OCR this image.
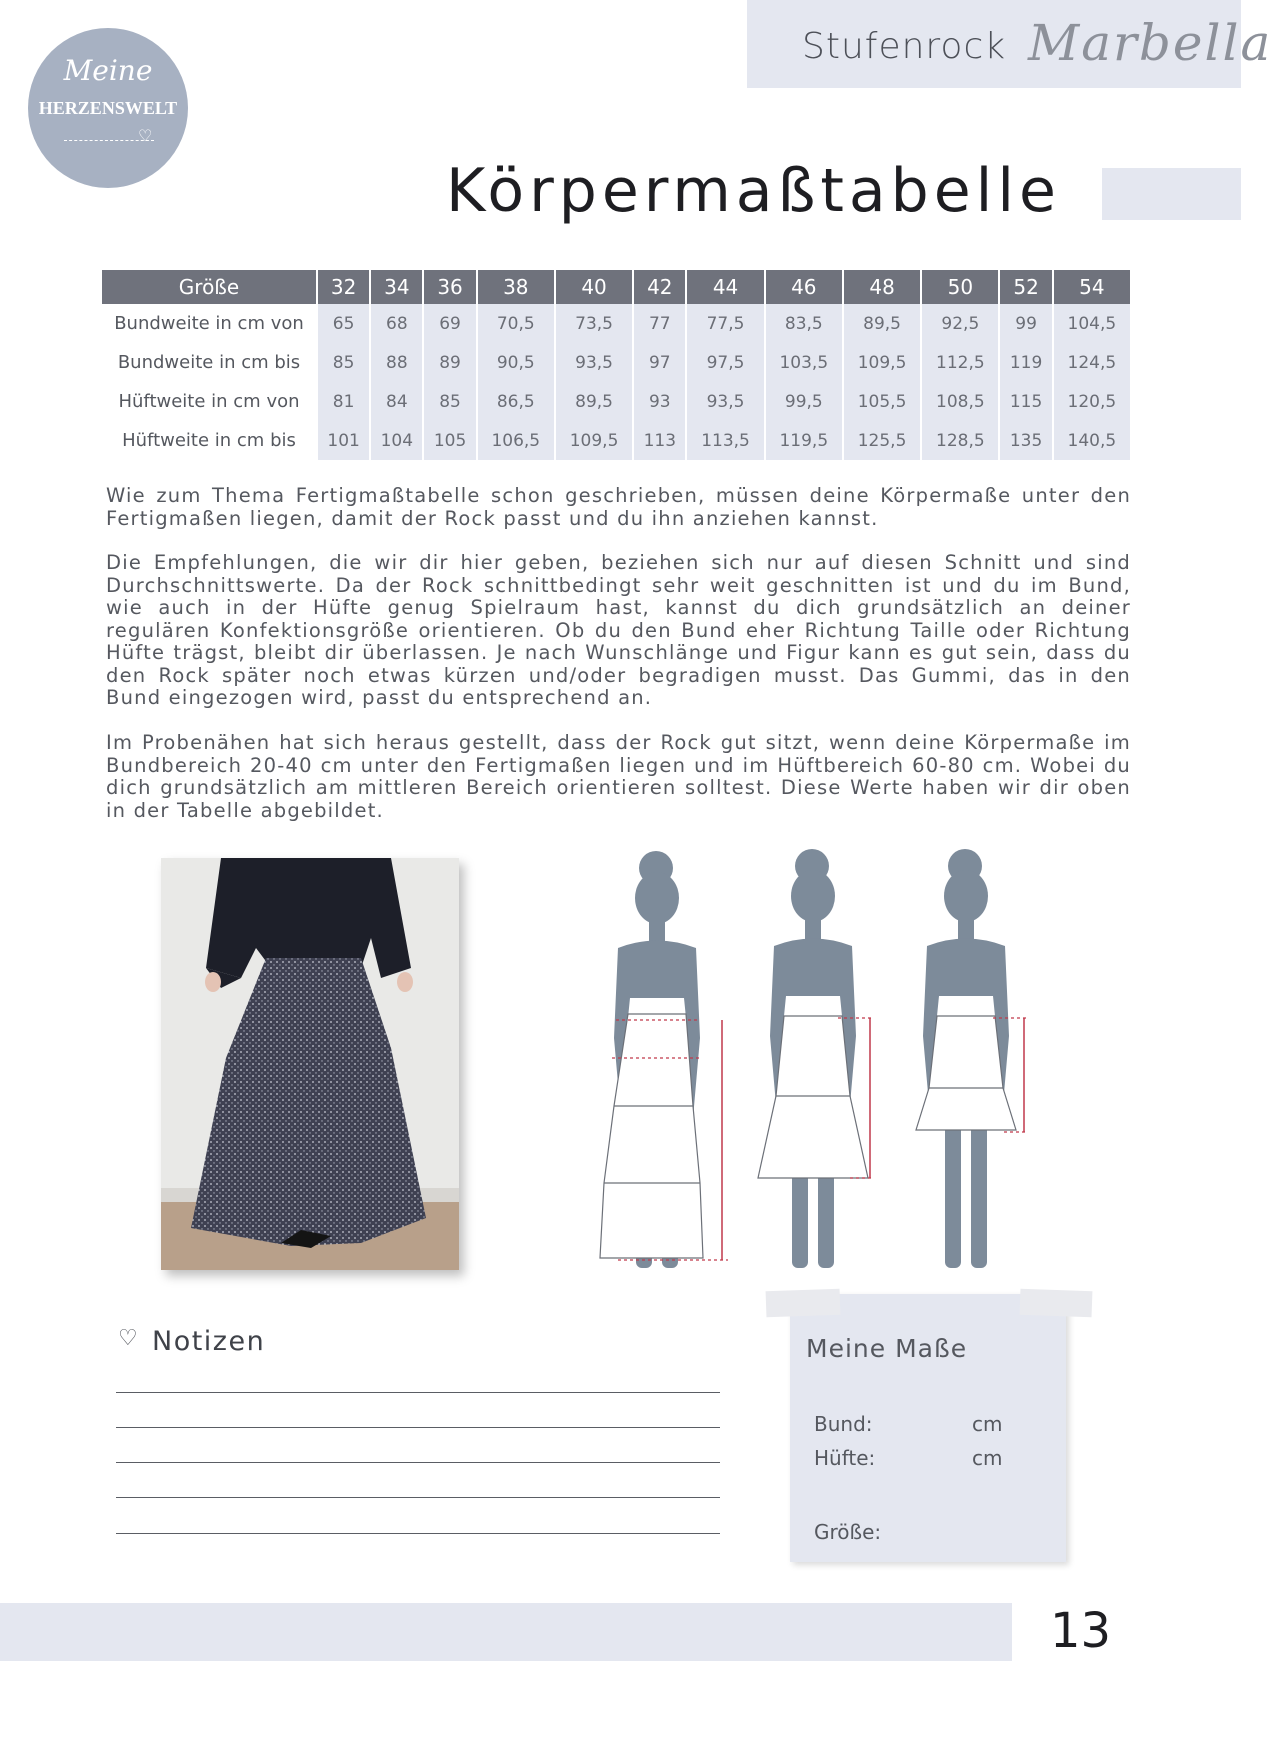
Stufenrock Marbella
Meine
HERZENSWELT
♡
Körpermaßtabelle
Größe	32	34	36	38	40	42	44	46	48	50	52	54
Bundweite in cm von	65	68	69	70,5	73,5	77	77,5	83,5	89,5	92,5	99	104,5
Bundweite in cm bis	85	88	89	90,5	93,5	97	97,5	103,5	109,5	112,5	119	124,5
Hüftweite in cm von	81	84	85	86,5	89,5	93	93,5	99,5	105,5	108,5	115	120,5
Hüftweite in cm bis	101	104	105	106,5	109,5	113	113,5	119,5	125,5	128,5	135	140,5

Wie zum Thema Fertigmaßtabelle schon geschrieben, müssen deine Körpermaße unter den Fertigmaßen liegen, damit der Rock passt und du ihn anziehen kannst.

Die Empfehlungen, die wir dir hier geben, beziehen sich nur auf diesen Schnitt und sind Durchschnittswerte. Da der Rock schnittbedingt sehr weit geschnitten ist und du im Bund, wie auch in der Hüfte genug Spielraum hast, kannst du dich grundsätzlich an deiner regulären Konfektionsgröße orientieren. Ob du den Bund eher Richtung Taille oder Richtung Hüfte trägst, bleibt dir überlassen. Je nach Wunschlänge und Figur kann es gut sein, dass du den Rock später noch etwas kürzen und/oder begradigen musst. Das Gummi, das in den Bund eingezogen wird, passt du entsprechend an.

Im Probenähen hat sich heraus gestellt, dass der Rock gut sitzt, wenn deine Körpermaße im Bundbereich 20-40 cm unter den Fertigmaßen liegen und im Hüftbereich 60-80 cm. Wobei du dich grundsätzlich am mittleren Bereich orientieren solltest. Diese Werte haben wir dir oben in der Tabelle abgebildet.

♡ Notizen	Meine Maße
Bund:	cm
Hüfte:	cm
Größe:
13
